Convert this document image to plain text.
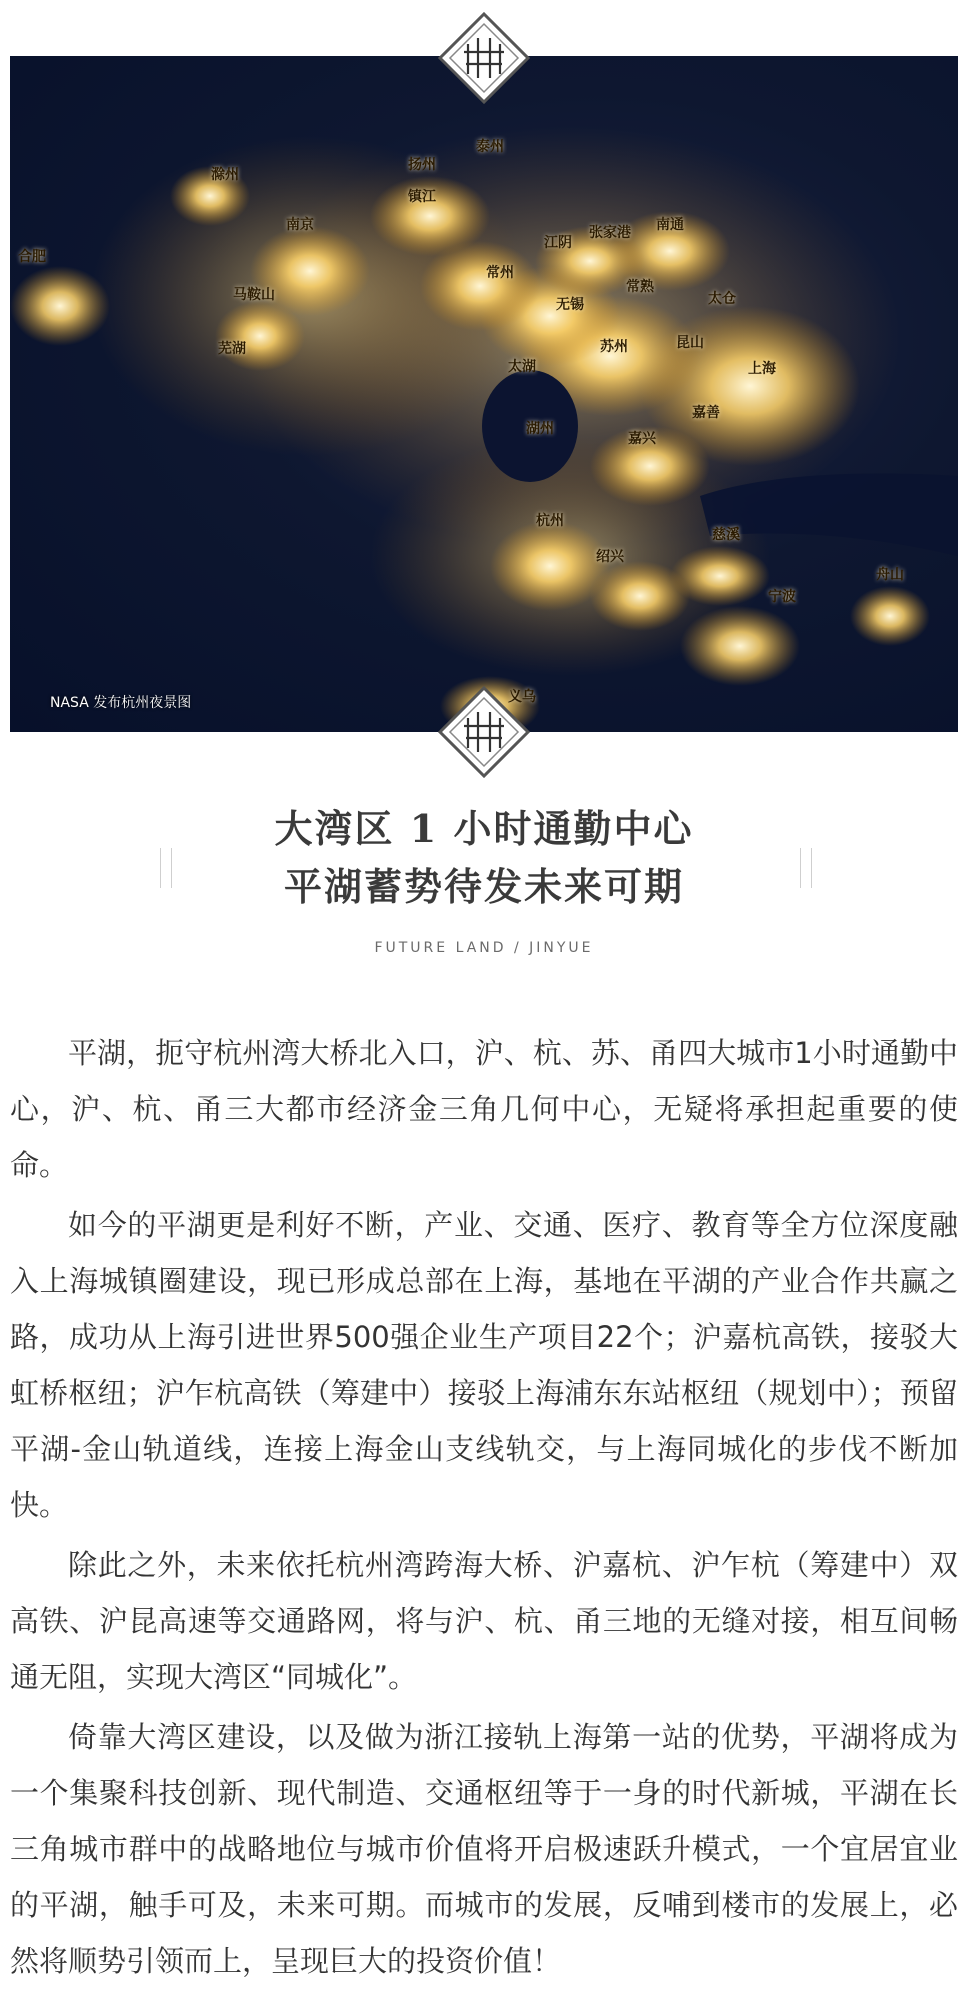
扬州
泰州
镇江
南京
合肥
马鞍山
芜湖
江阴
张家港 南通
常州
常熟
太仓
无锡
苏州	昆山
太湖	上海
湖州
嘉兴
嘉善
杭州
绍兴
慈溪
宁波
舟山
滁州
义乌
NASA 发布杭州夜景图
大湾区 1 小时通勤中心
平湖蓄势待发未来可期
FUTURE LAND / JINYUE

平湖，扼守杭州湾大桥北入口，沪、杭、苏、甬四大城市1小时通勤中心，沪、杭、甬三大都市经济金三角几何中心，无疑将承担起重要的使命。

如今的平湖更是利好不断，产业、交通、医疗、教育等全方位深度融入上海城镇圈建设，现已形成总部在上海，基地在平湖的产业合作共赢之路，成功从上海引进世界500强企业生产项目22个；沪嘉杭高铁，接驳大虹桥枢纽；沪乍杭高铁（筹建中）接驳上海浦东东站枢纽（规划中）；预留平湖-金山轨道线，连接上海金山支线轨交，与上海同城化的步伐不断加快。

除此之外，未来依托杭州湾跨海大桥、沪嘉杭、沪乍杭（筹建中）双高铁、沪昆高速等交通路网，将与沪、杭、甬三地的无缝对接，相互间畅通无阻，实现大湾区“同城化”。

倚靠大湾区建设，以及做为浙江接轨上海第一站的优势，平湖将成为一个集聚科技创新、现代制造、交通枢纽等于一身的时代新城，平湖在长三角城市群中的战略地位与城市价值将开启极速跃升模式，一个宜居宜业的平湖，触手可及，未来可期。而城市的发展，反哺到楼市的发展上，必然将顺势引领而上，呈现巨大的投资价值！
